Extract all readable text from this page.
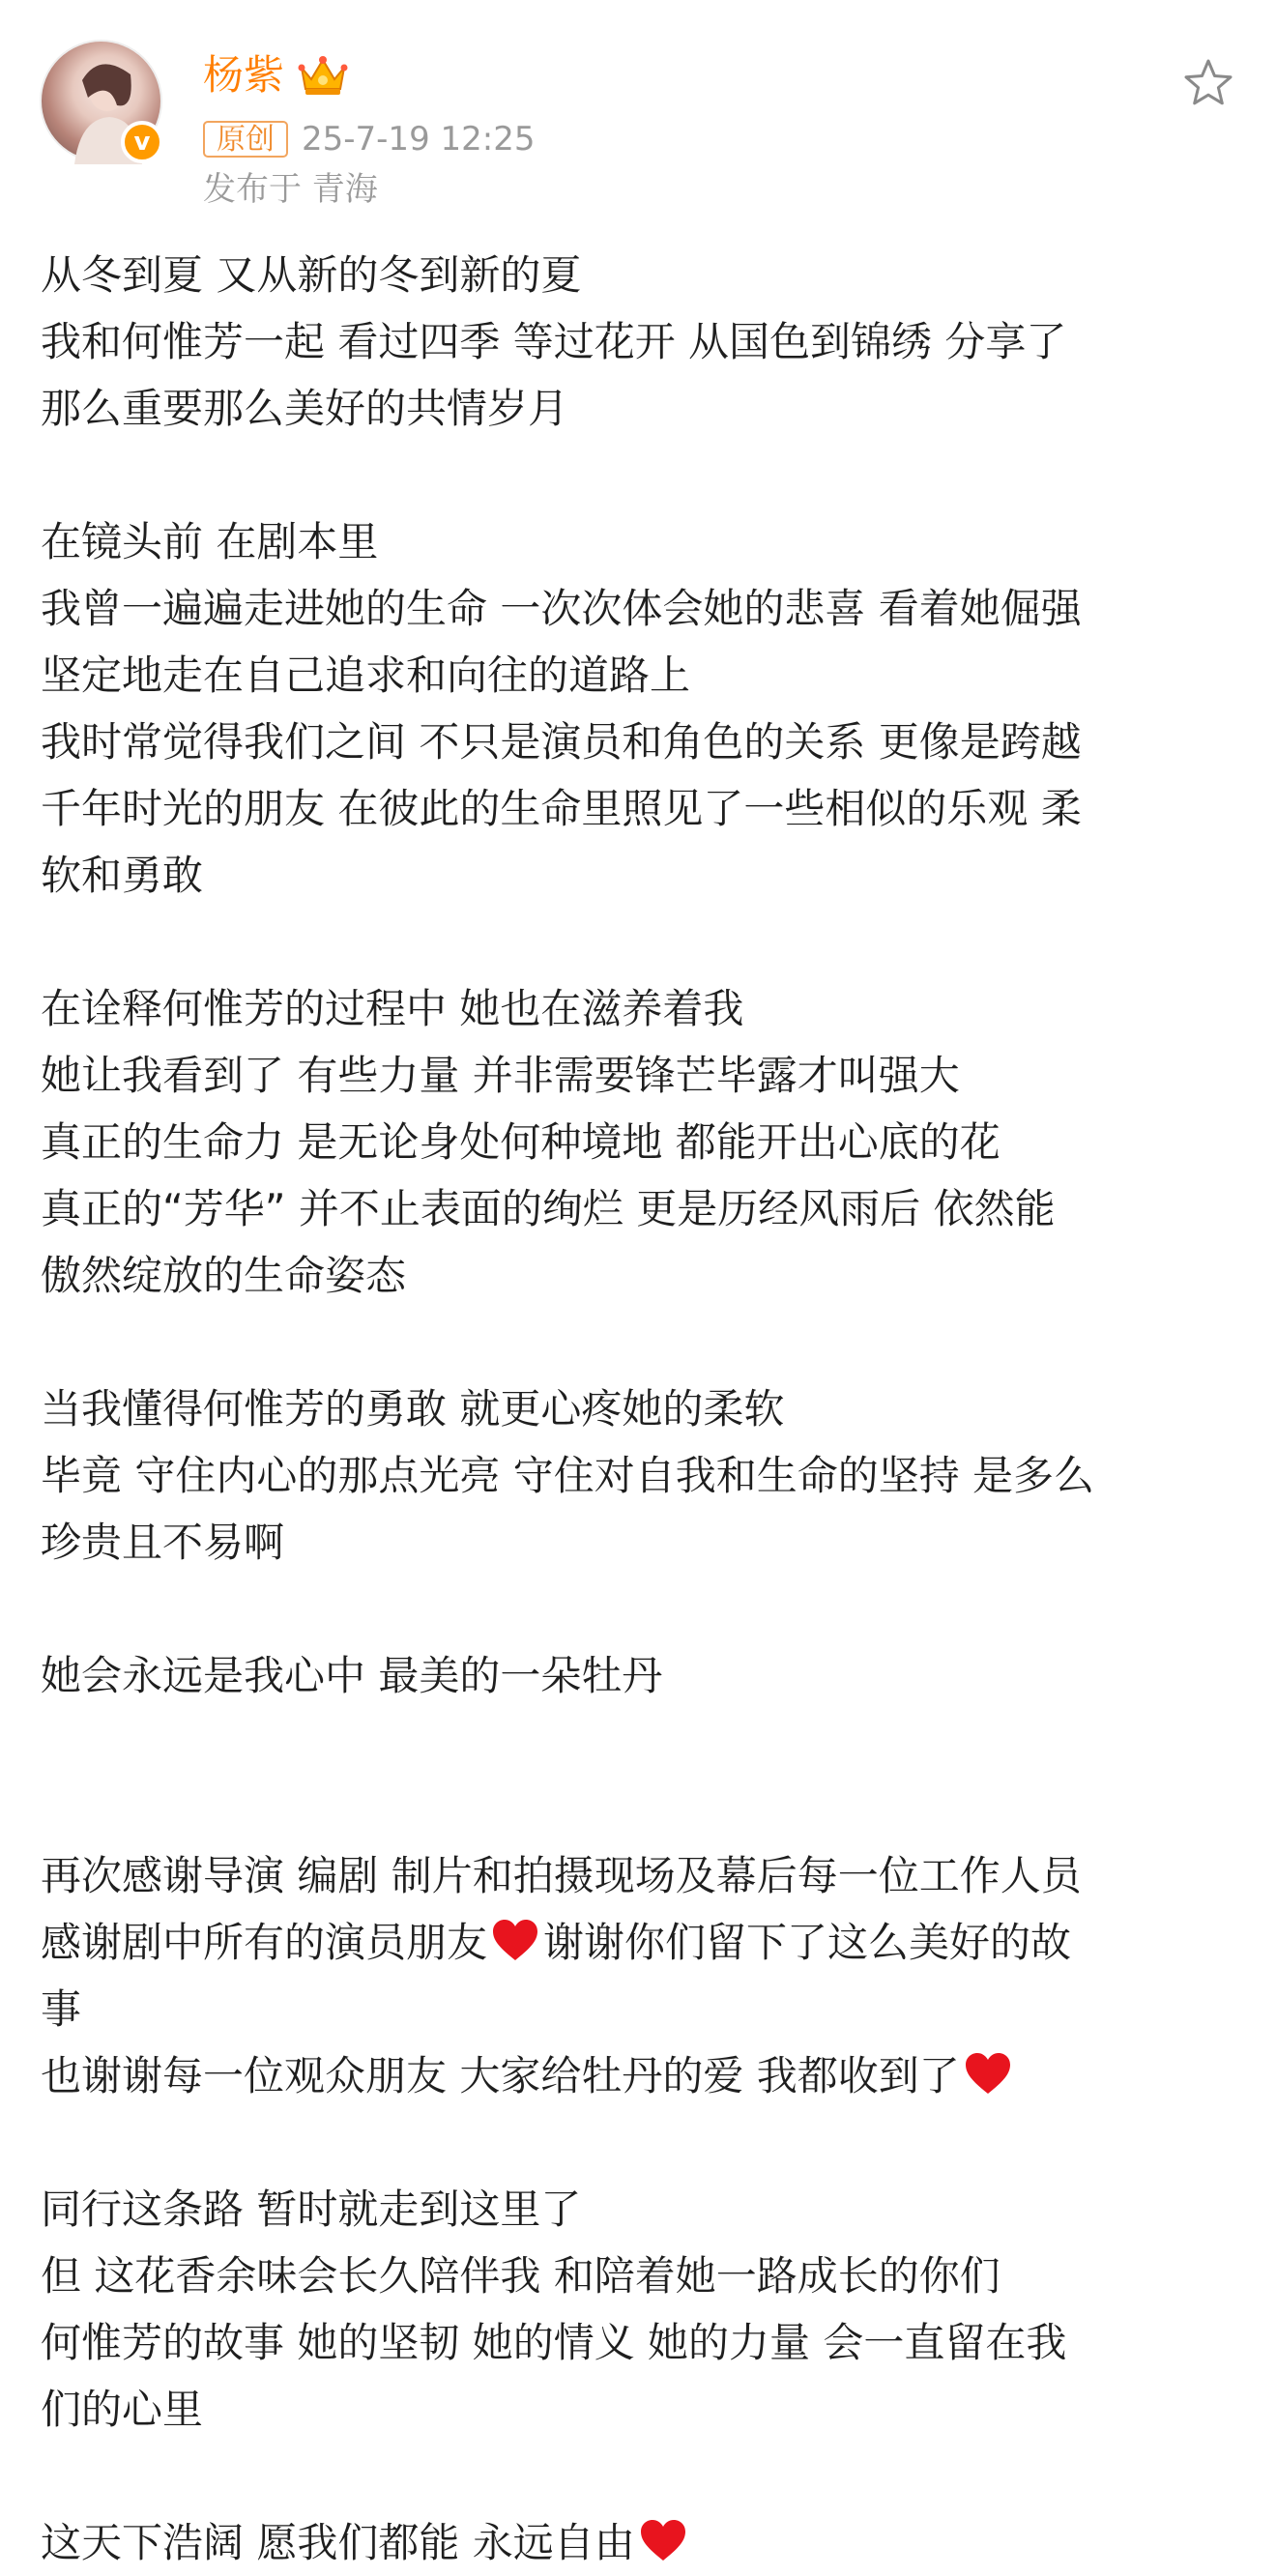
v
杨紫
原创 25-7-19 12:25
发布于 青海
从冬到夏 又从新的冬到新的夏
我和何惟芳一起 看过四季 等过花开 从国色到锦绣 分享了
那么重要那么美好的共情岁月
在镜头前 在剧本里
我曾一遍遍走进她的生命 一次次体会她的悲喜 看着她倔强
坚定地走在自己追求和向往的道路上
我时常觉得我们之间 不只是演员和角色的关系 更像是跨越
千年时光的朋友 在彼此的生命里照见了一些相似的乐观 柔
软和勇敢
在诠释何惟芳的过程中 她也在滋养着我
她让我看到了 有些力量 并非需要锋芒毕露才叫强大
真正的生命力 是无论身处何种境地 都能开出心底的花
真正的“芳华” 并不止表面的绚烂 更是历经风雨后 依然能
傲然绽放的生命姿态
当我懂得何惟芳的勇敢 就更心疼她的柔软
毕竟 守住内心的那点光亮 守住对自我和生命的坚持 是多么
珍贵且不易啊
她会永远是我心中 最美的一朵牡丹
再次感谢导演 编剧 制片和拍摄现场及幕后每一位工作人员
感谢剧中所有的演员朋友 谢谢你们留下了这么美好的故
事
也谢谢每一位观众朋友 大家给牡丹的爱 我都收到了
同行这条路 暂时就走到这里了
但 这花香余味会长久陪伴我 和陪着她一路成长的你们
何惟芳的故事 她的坚韧 她的情义 她的力量 会一直留在我
们的心里
这天下浩阔 愿我们都能 永远自由
